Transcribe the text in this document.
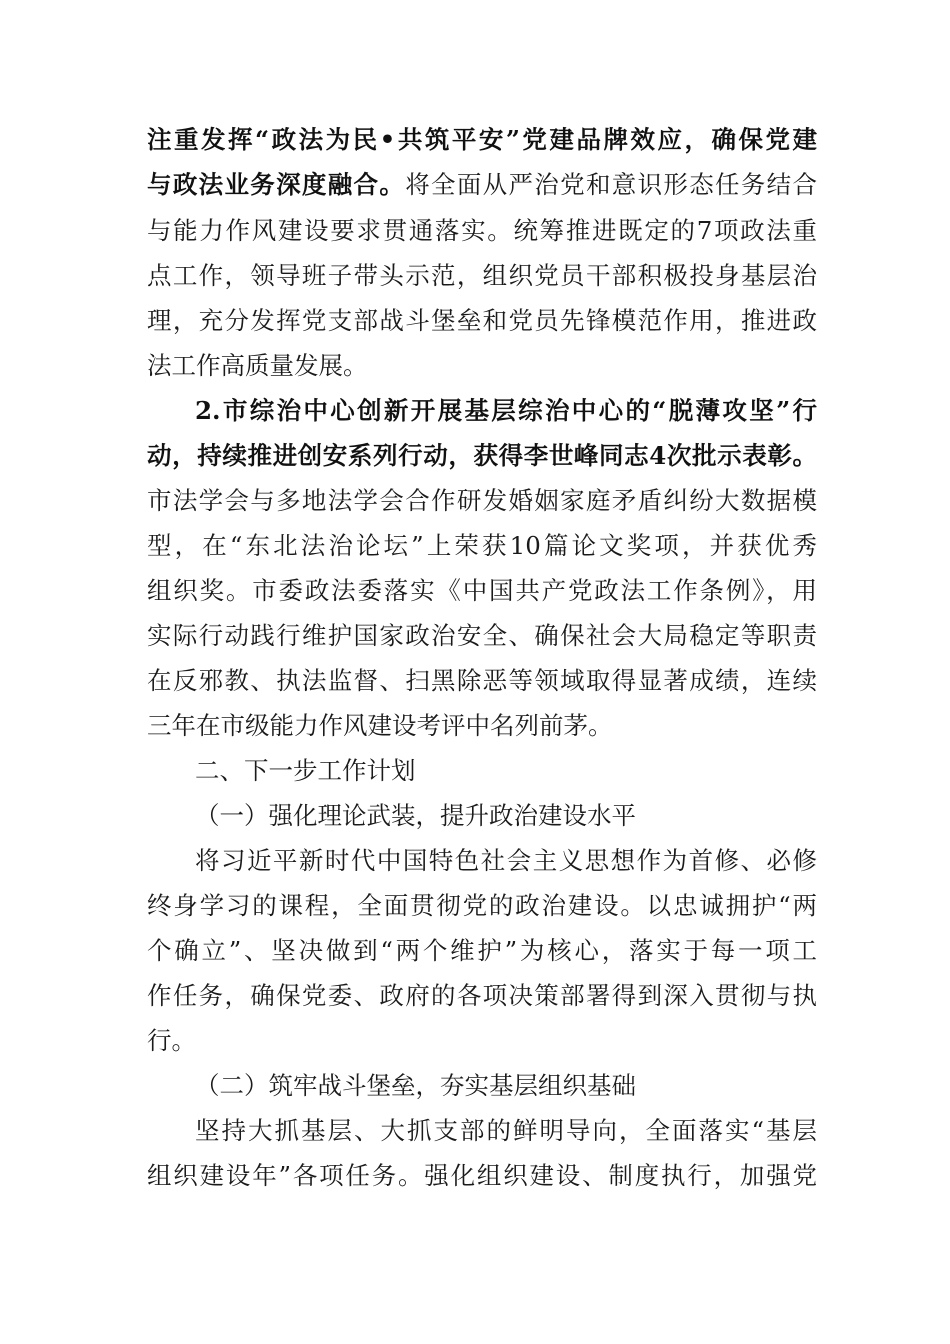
注重发挥“政法为民•共筑平安”党建品牌效应，确保党建
与政法业务深度融合。将全面从严治党和意识形态任务结合
与能力作风建设要求贯通落实。统筹推进既定的7项政法重
点工作，领导班子带头示范，组织党员干部积极投身基层治
理，充分发挥党支部战斗堡垒和党员先锋模范作用，推进政
法工作高质量发展。
2.市综治中心创新开展基层综治中心的“脱薄攻坚”行
动，持续推进创安系列行动，获得李世峰同志4次批示表彰。
市法学会与多地法学会合作研发婚姻家庭矛盾纠纷大数据模
型，在“东北法治论坛”上荣获10篇论文奖项，并获优秀
组织奖。市委政法委落实《中国共产党政法工作条例》，用
实际行动践行维护国家政治安全、确保社会大局稳定等职责
在反邪教、执法监督、扫黑除恶等领域取得显著成绩，连续
三年在市级能力作风建设考评中名列前茅。
二、下一步工作计划
（一）强化理论武装，提升政治建设水平
将习近平新时代中国特色社会主义思想作为首修、必修
终身学习的课程，全面贯彻党的政治建设。以忠诚拥护“两
个确立”、坚决做到“两个维护”为核心，落实于每一项工
作任务，确保党委、政府的各项决策部署得到深入贯彻与执
行。
（二）筑牢战斗堡垒，夯实基层组织基础
坚持大抓基层、大抓支部的鲜明导向，全面落实“基层
组织建设年”各项任务。强化组织建设、制度执行，加强党
